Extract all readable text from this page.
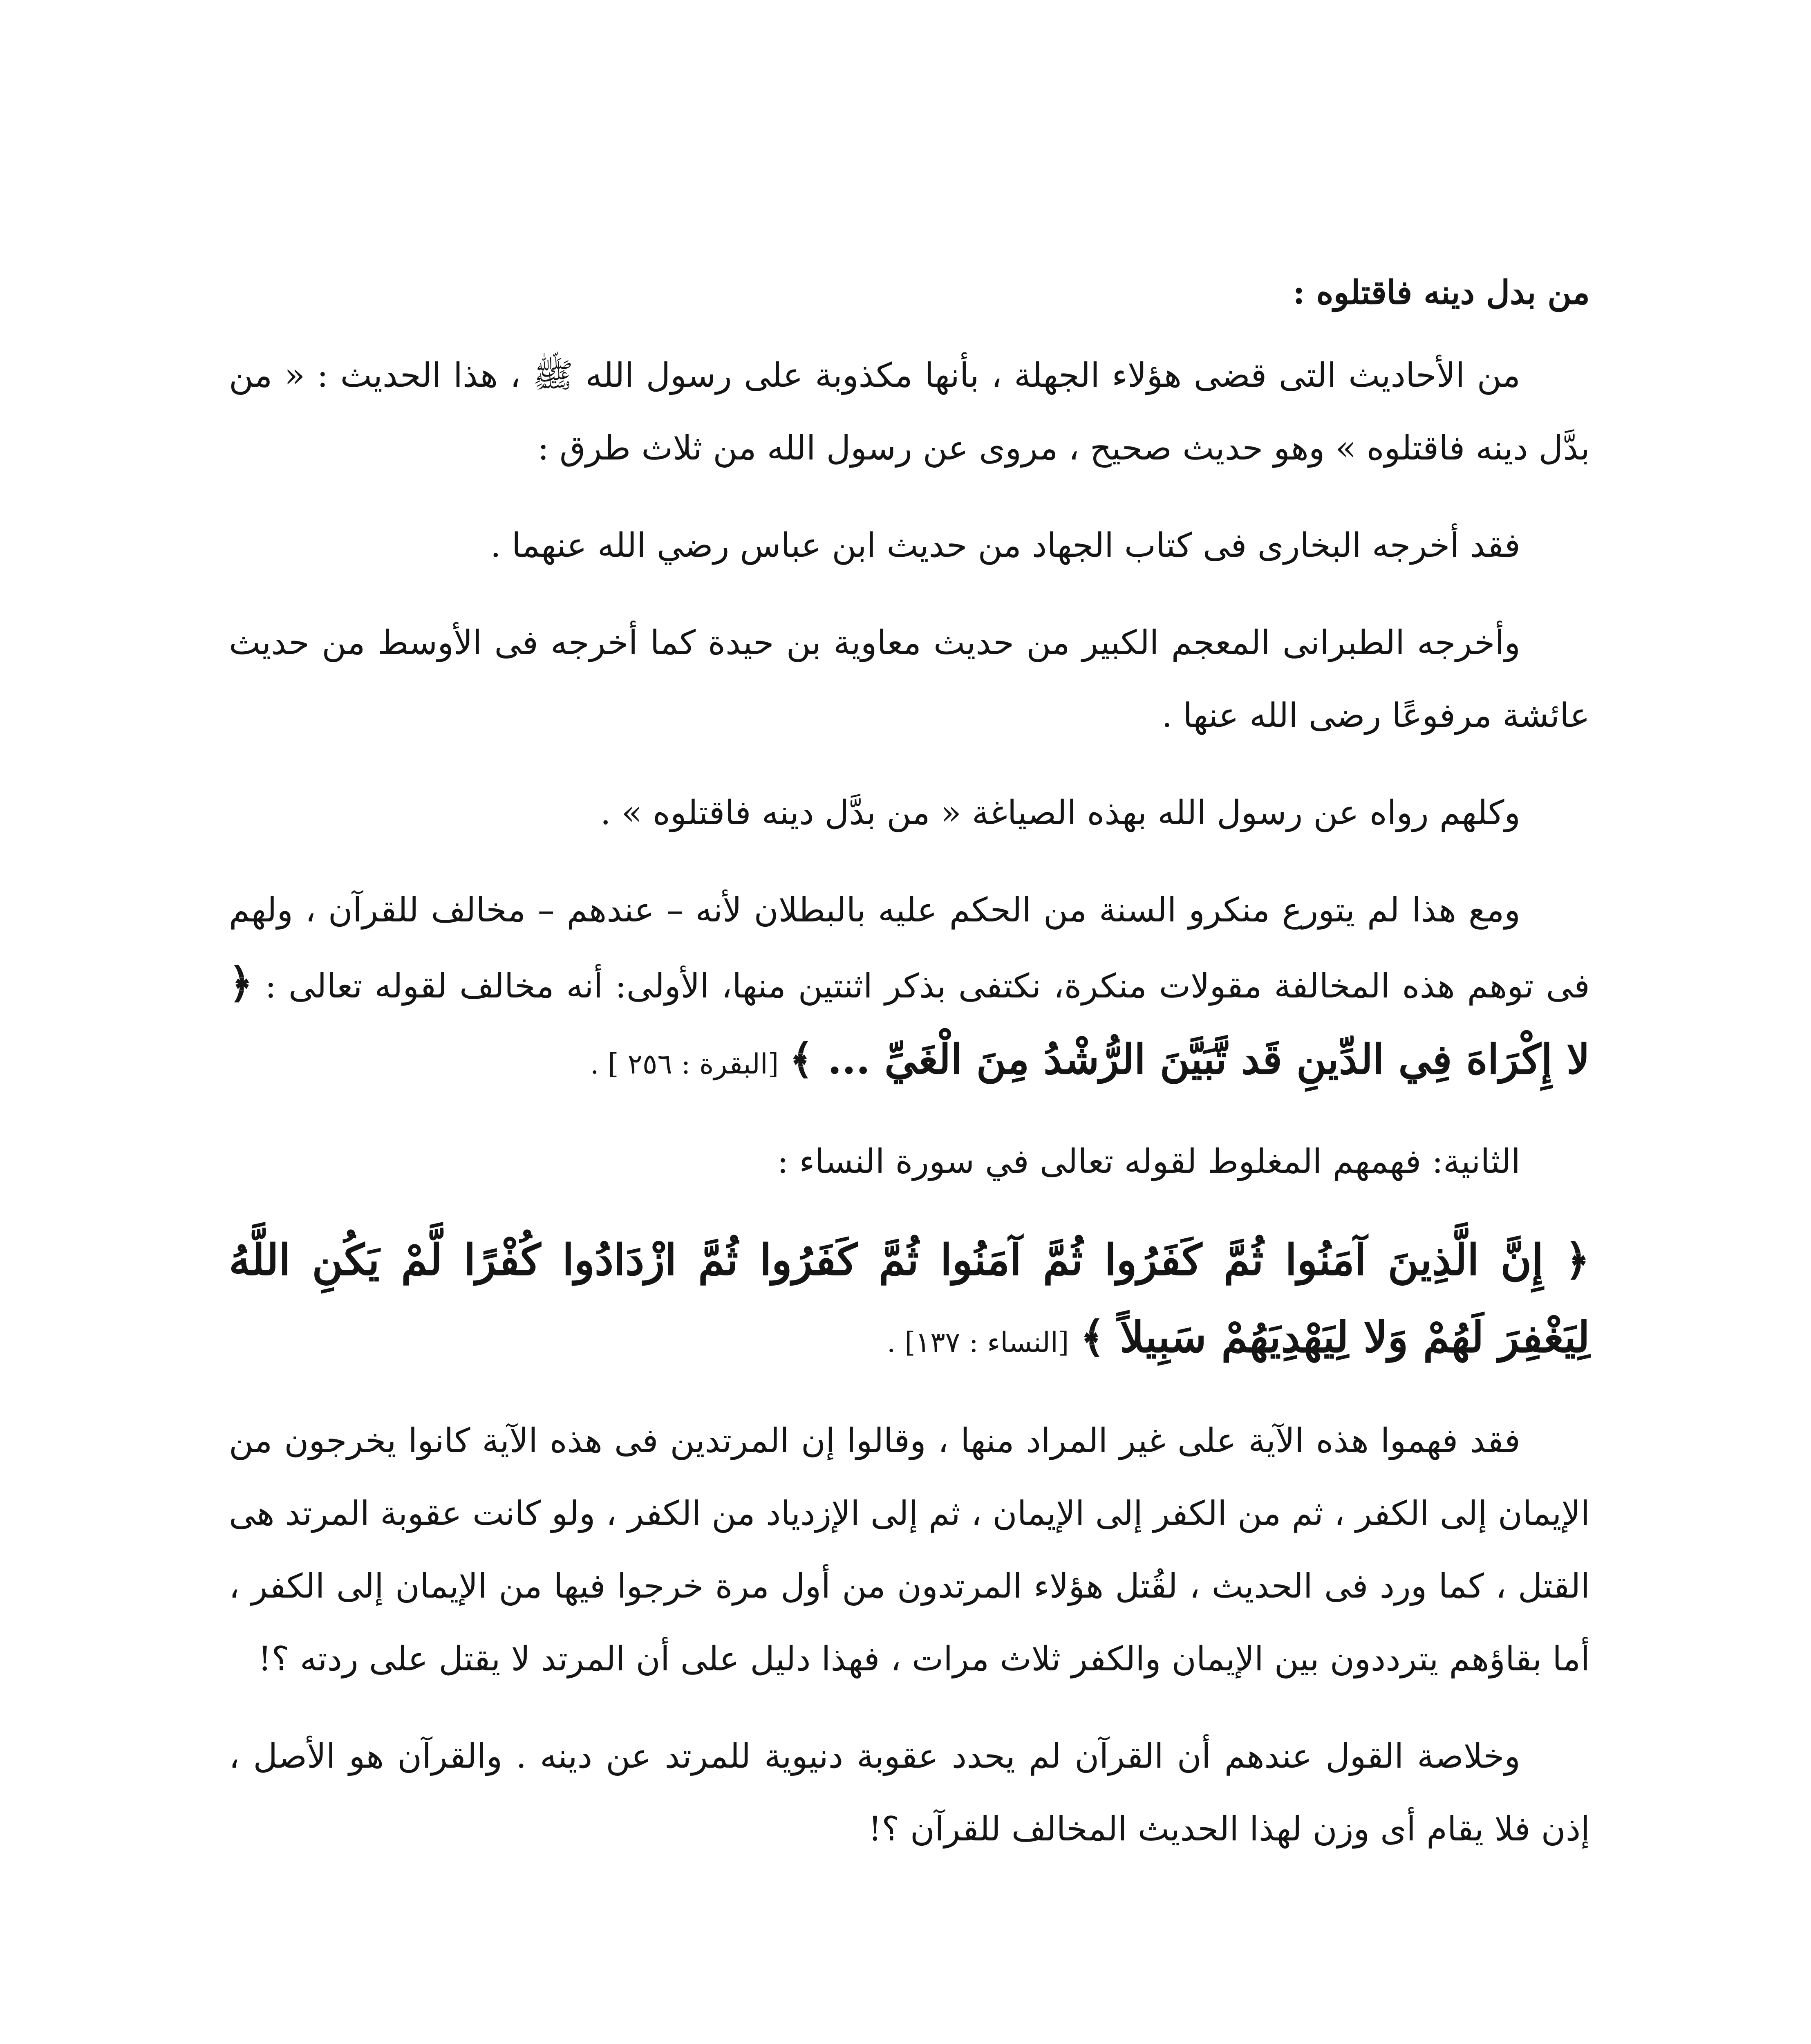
من بدل دينه فاقتلوه :

من الأحاديث التى قضى هؤلاء الجهلة ، بأنها مكذوبة على رسول الله ﷺ ، هذا الحديث : « من بدَّل دينه فاقتلوه » وهو حديث صحيح ، مروى عن رسول الله من ثلاث طرق :

فقد أخرجه البخارى فى كتاب الجهاد من حديث ابن عباس رضي الله عنهما .

وأخرجه الطبرانى المعجم الكبير من حديث معاوية بن حيدة كما أخرجه فى الأوسط من حديث عائشة مرفوعًا رضى الله عنها .

وكلهم رواه عن رسول الله بهذه الصياغة « من بدَّل دينه فاقتلوه » .

ومع هذا لم يتورع منكرو السنة من الحكم عليه بالبطلان لأنه – عندهم – مخالف للقرآن ، ولهم فى توهم هذه المخالفة مقولات منكرة، نكتفى بذكر اثنتين منها، الأولى: أنه مخالف لقوله تعالى : ﴿ لا إِكْرَاهَ فِي الدِّينِ قَد تَّبَيَّنَ الرُّشْدُ مِنَ الْغَيِّ ... ﴾ [البقرة : ٢٥٦ ] .

الثانية: فهمهم المغلوط لقوله تعالى في سورة النساء :

﴿ إِنَّ الَّذِينَ آمَنُوا ثُمَّ كَفَرُوا ثُمَّ آمَنُوا ثُمَّ كَفَرُوا ثُمَّ ازْدَادُوا كُفْرًا لَّمْ يَكُنِ اللَّهُ لِيَغْفِرَ لَهُمْ وَلا لِيَهْدِيَهُمْ سَبِيلاً ﴾ [النساء : ١٣٧] .

فقد فهموا هذه الآية على غير المراد منها ، وقالوا إن المرتدين فى هذه الآية كانوا يخرجون من الإيمان إلى الكفر ، ثم من الكفر إلى الإيمان ، ثم إلى الإزدياد من الكفر ، ولو كانت عقوبة المرتد هى القتل ، كما ورد فى الحديث ، لقُتل هؤلاء المرتدون من أول مرة خرجوا فيها من الإيمان إلى الكفر ، أما بقاؤهم يترددون بين الإيمان والكفر ثلاث مرات ، فهذا دليل على أن المرتد لا يقتل على ردته ؟!

وخلاصة القول عندهم أن القرآن لم يحدد عقوبة دنيوية للمرتد عن دينه . والقرآن هو الأصل ، إذن فلا يقام أى وزن لهذا الحديث المخالف للقرآن ؟!
